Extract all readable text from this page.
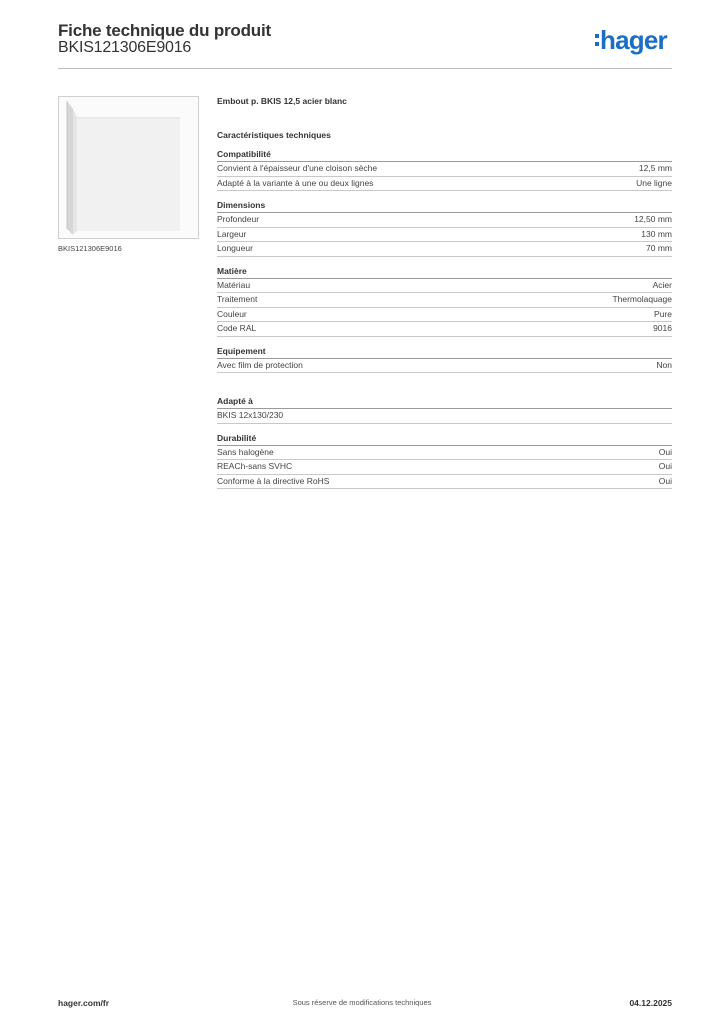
Fiche technique du produit
BKIS121306E9016	hager
BKIS121306E9016
Embout p. BKIS 12,5 acier blanc
Caractéristiques techniques
Compatibilité
Convient à l'épaisseur d'une cloison sèche	12,5 mm
Adapté à la variante à une ou deux lignes	Une ligne
Dimensions
Profondeur	12,50 mm
Largeur	130 mm
Longueur	70 mm
Matière
Matériau	Acier
Traitement	Thermolaquage
Couleur	Pure
Code RAL	9016
Equipement
Avec film de protection	Non
Adapté à
BKIS 12x130/230
Durabilité
Sans halogène	Oui
REACh-sans SVHC	Oui
Conforme à la directive RoHS	Oui
Sous réserve de modifications techniques
hager.com/fr	04.12.2025
